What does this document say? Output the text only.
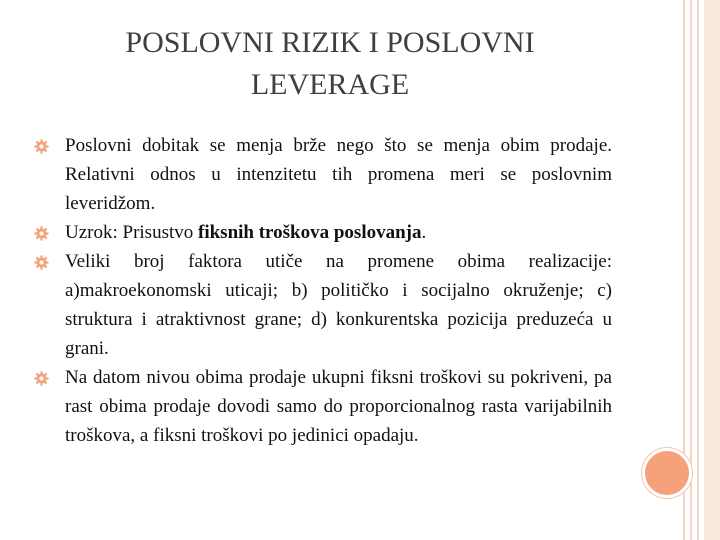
POSLOVNI RIZIK I POSLOVNI
LEVERAGE
Poslovni dobitak se menja brže nego što se menja obim prodaje. Relativni odnos u intenzitetu tih promena meri se poslovnim leveridžom.
Uzrok: Prisustvo fiksnih troškova poslovanja.
Veliki broj faktora utiče na promene obima realizacije: a)makroekonomski uticaji; b) političko i socijalno okruženje; c) struktura i atraktivnost grane; d) konkurentska pozicija preduzeća u grani.
Na datom nivou obima prodaje ukupni fiksni troškovi su pokriveni, pa rast obima prodaje dovodi samo do proporcionalnog rasta varijabilnih troškova, a fiksni troškovi po jedinici opadaju.
